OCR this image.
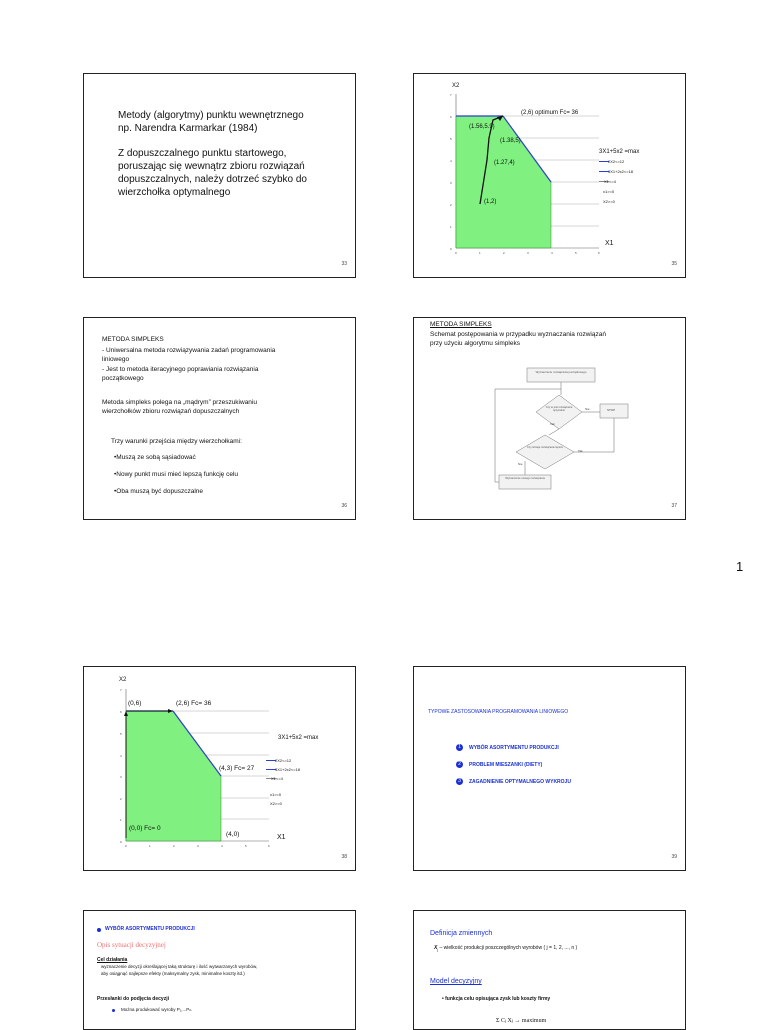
1
Metody (algorytmy) punktu wewnętrznego
np. Narendra Karmarkar (1984)
Z dopuszczalnego punktu startowego,
poruszając się wewnątrz zbioru rozwiązań
dopuszczalnych, należy dotrzeć szybko do
wierzchołka optymalnego
33
0
1
2
3
4
5
6
7
0	1	2	3	4	5	6
X2
X1
(2,6) optimum Fc= 36
(1.56,5.9)
(1.38,5)
(1.27,4)
(1,2)
3X1+5x2 =max
2X2<=12
3X1+2x2<=18
X1<=4
x1>=0
X2>=0
35
METODA SIMPLEKS
- Uniwersalna metoda rozwiązywania zadań programowania
liniowego
- Jest to metoda iteracyjnego poprawiania rozwiązania
początkowego
Metoda simpleks polega na „mądrym” przeszukiwaniu
wierzchołków zbioru rozwiązań dopuszczalnych
Trzy warunki przejścia między wierzchołkami:
•Muszą ze sobą sąsiadować
•Nowy punkt musi mieć lepszą funkcję celu
•Oba muszą być dopuszczalne
36
METODA SIMPLEKS
Schemat postępowania w przypadku wyznaczania rozwiązań
przy użyciu algorytmu simpleks
Wyznaczenie rozwiązania początkowego
Czy to jest rozwiązanie optymalne	Nie
Tak
STOP
Czy istnieje rozwiązanie lepsze
Tak
Nie
Wyznaczenie nowego rozwiązania
37
0
1
2
3
4
5
6
7
0	1	2	3	4	5	6
X2
X1
(0,6)	(2,6) Fc= 36
(4,3) Fc= 27
(0,0) Fc= 0
(4,0)
3X1+5x2 =max
2X2<=12
3X1+2x2<=18
X1<=4
x1>=0
X2>=0
38
TYPOWE ZASTOSOWANIA PROGRAMOWANIA LINIOWEGO
1	WYBÓR ASORTYMENTU PRODUKCJI
2	PROBLEM MIESZANKI (DIETY)
3	ZAGADNIENIE OPTYMALNEGO WYKROJU
39
WYBÓR ASORTYMENTU PRODUKCJI
Opis sytuacji decyzyjnej
Cel działania
wyznaczenie decyzji określającej taką strukturę i ilość wytwarzanych wyrobów,
aby osiągnąć najlepsze efekty (maksymalny zysk, minimalne koszty itd.)
Przesłanki do podjęcia decyzji
Można produkować wyroby P₁,...Pₙ.
Definicja zmiennych
$X_j$ – wielkość produkcji poszczególnych wyrobów ( j = 1, 2, ..., n )
Model decyzyjny
• funkcja celu opisująca zysk lub koszty firmy
Σ Cⱼ Xⱼ → maximum
